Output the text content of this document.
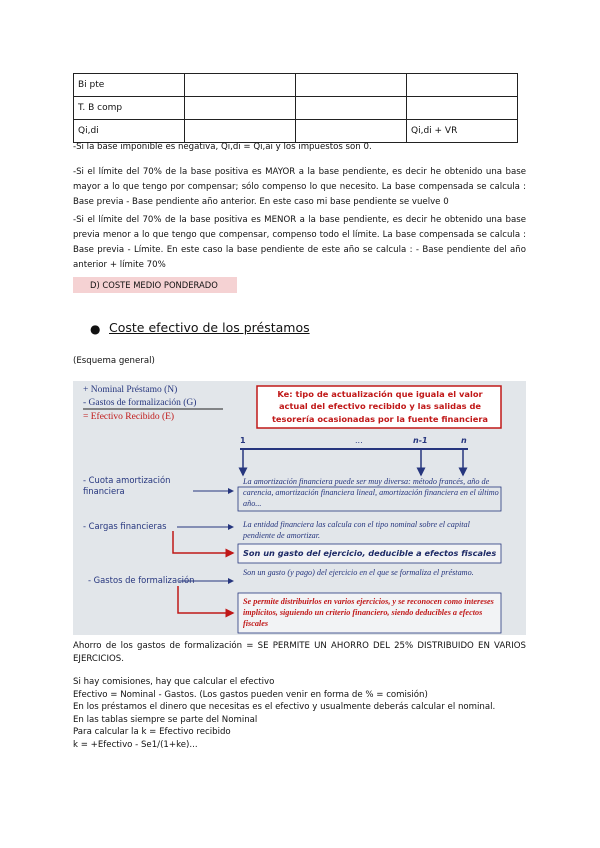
Bi pte			
T. B comp			
Qi,di			Qi,di + VR

-Si la base imponible es negativa, Qi,di = Qi,ai y los impuestos son 0.

-Si el límite del 70% de la base positiva es MAYOR a la base pendiente, es decir he obtenido una base mayor a lo que tengo por compensar; sólo compenso lo que necesito. La base compensada se calcula : Base previa - Base pendiente año anterior. En este caso mi base pendiente se vuelve 0

-Si el límite del 70% de la base positiva es MENOR a la base pendiente, es decir he obtenido una base previa menor a lo que tengo que compensar, compenso todo el límite. La base compensada se calcula : Base previa - Límite. En este caso la base pendiente de este año se calcula : - Base pendiente del año anterior + límite 70%

D) COSTE MEDIO PONDERADO
● Coste efectivo de los préstamos
(Esquema general)
+ Nominal Préstamo (N)
- Gastos de formalización (G)
= Efectivo Recibido (E)
Ke: tipo de actualización que iguala el valor actual del efectivo recibido y las salidas de tesorería ocasionadas por la fuente financiera
1	...	n-1	n
- Cuota amortización financiera
- Cargas financieras
- Gastos de formalización
La amortización financiera puede ser muy diversa: método francés, año de carencia, amortización financiera lineal, amortización financiera en el último año...
La entidad financiera las calcula con el tipo nominal sobre el capital pendiente de amortizar.
Son un gasto (y pago) del ejercicio en el que se formaliza el préstamo.
Son un gasto del ejercicio, deducible a efectos fiscales
Se permite distribuirlos en varios ejercicios, y se reconocen como intereses implícitos, siguiendo un criterio financiero, siendo deducibles a efectos fiscales

Ahorro de los gastos de formalización = SE PERMITE UN AHORRO DEL 25% DISTRIBUIDO EN VARIOS EJERCICIOS.

Si hay comisiones, hay que calcular el efectivo
Efectivo = Nominal - Gastos. (Los gastos pueden venir en forma de % = comisión)
En los préstamos el dinero que necesitas es el efectivo y usualmente deberás calcular el nominal.
En las tablas siempre se parte del Nominal
Para calcular la k = Efectivo recibido
k = +Efectivo - Se1/(1+ke)...
